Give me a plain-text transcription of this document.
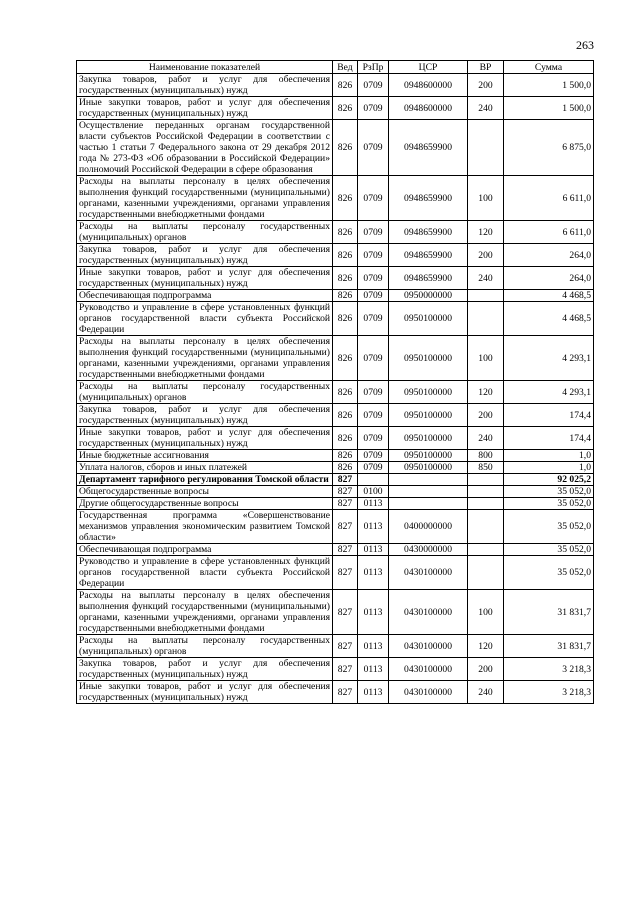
263
Наименование показателей	Вед	РзПр	ЦСР	ВР	Сумма
Закупка товаров, работ и услуг для обеспечения государственных (муниципальных) нужд	826	0709	0948600000	200	1 500,0
Иные закупки товаров, работ и услуг для обеспечения государственных (муниципальных) нужд	826	0709	0948600000	240	1 500,0
Осуществление переданных органам государственной власти субъектов Российской Федерации в соответствии с частью 1 статьи 7 Федерального закона от 29 декабря 2012 года № 273-ФЗ «Об образовании в Российской Федерации» полномочий Российской Федерации в сфере образования	826	0709	0948659900		6 875,0
Расходы на выплаты персоналу в целях обеспечения выполнения функций государственными (муниципальными) органами, казенными учреждениями, органами управления государственными внебюджетными фондами	826	0709	0948659900	100	6 611,0
Расходы на выплаты персоналу государственных (муниципальных) органов	826	0709	0948659900	120	6 611,0
Закупка товаров, работ и услуг для обеспечения государственных (муниципальных) нужд	826	0709	0948659900	200	264,0
Иные закупки товаров, работ и услуг для обеспечения государственных (муниципальных) нужд	826	0709	0948659900	240	264,0
Обеспечивающая подпрограмма	826	0709	0950000000		4 468,5
Руководство и управление в сфере установленных функций органов государственной власти субъекта Российской Федерации	826	0709	0950100000		4 468,5
Расходы на выплаты персоналу в целях обеспечения выполнения функций государственными (муниципальными) органами, казенными учреждениями, органами управления государственными внебюджетными фондами	826	0709	0950100000	100	4 293,1
Расходы на выплаты персоналу государственных (муниципальных) органов	826	0709	0950100000	120	4 293,1
Закупка товаров, работ и услуг для обеспечения государственных (муниципальных) нужд	826	0709	0950100000	200	174,4
Иные закупки товаров, работ и услуг для обеспечения государственных (муниципальных) нужд	826	0709	0950100000	240	174,4
Иные бюджетные ассигнования	826	0709	0950100000	800	1,0
Уплата налогов, сборов и иных платежей	826	0709	0950100000	850	1,0
Департамент тарифного регулирования Томской области	827				92 025,2
Общегосударственные вопросы	827	0100			35 052,0
Другие общегосударственные вопросы	827	0113			35 052,0
Государственная программа «Совершенствование механизмов управления экономическим развитием Томской области»	827	0113	0400000000		35 052,0
Обеспечивающая подпрограмма	827	0113	0430000000		35 052,0
Руководство и управление в сфере установленных функций органов государственной власти субъекта Российской Федерации	827	0113	0430100000		35 052,0
Расходы на выплаты персоналу в целях обеспечения выполнения функций государственными (муниципальными) органами, казенными учреждениями, органами управления государственными внебюджетными фондами	827	0113	0430100000	100	31 831,7
Расходы на выплаты персоналу государственных (муниципальных) органов	827	0113	0430100000	120	31 831,7
Закупка товаров, работ и услуг для обеспечения государственных (муниципальных) нужд	827	0113	0430100000	200	3 218,3
Иные закупки товаров, работ и услуг для обеспечения государственных (муниципальных) нужд	827	0113	0430100000	240	3 218,3
